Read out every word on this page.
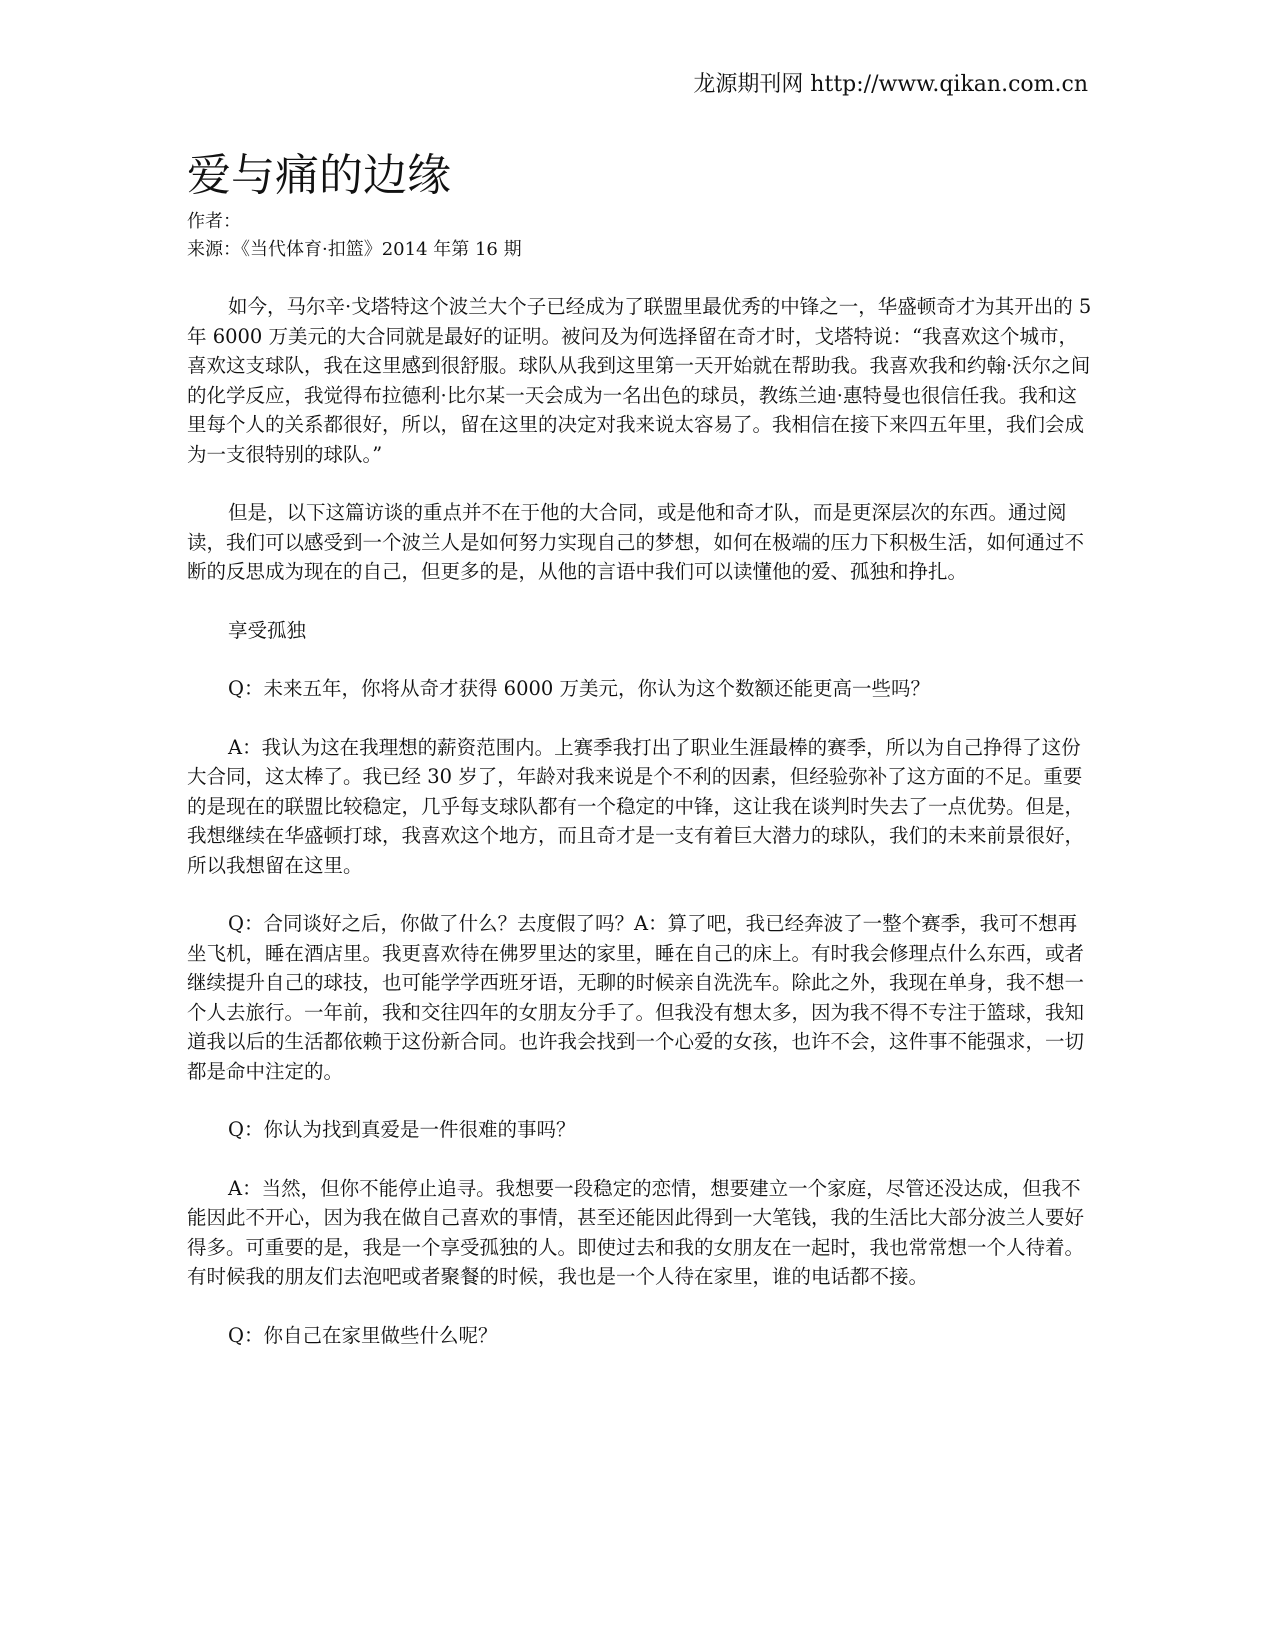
龙源期刊网 http://www.qikan.com.cn
爱与痛的边缘

作者：

来源：《当代体育·扣篮》2014 年第 16 期

如今，马尔辛·戈塔特这个波兰大个子已经成为了联盟里最优秀的中锋之一，华盛顿奇才为其开出的 5 年 6000 万美元的大合同就是最好的证明。被问及为何选择留在奇才时，戈塔特说：“我喜欢这个城市，喜欢这支球队，我在这里感到很舒服。球队从我到这里第一天开始就在帮助我。我喜欢我和约翰·沃尔之间的化学反应，我觉得布拉德利·比尔某一天会成为一名出色的球员，教练兰迪·惠特曼也很信任我。我和这里每个人的关系都很好，所以，留在这里的决定对我来说太容易了。我相信在接下来四五年里，我们会成为一支很特别的球队。”

但是，以下这篇访谈的重点并不在于他的大合同，或是他和奇才队，而是更深层次的东西。通过阅读，我们可以感受到一个波兰人是如何努力实现自己的梦想，如何在极端的压力下积极生活，如何通过不断的反思成为现在的自己，但更多的是，从他的言语中我们可以读懂他的爱、孤独和挣扎。

享受孤独

Q：未来五年，你将从奇才获得 6000 万美元，你认为这个数额还能更高一些吗？

A：我认为这在我理想的薪资范围内。上赛季我打出了职业生涯最棒的赛季，所以为自己挣得了这份大合同，这太棒了。我已经 30 岁了，年龄对我来说是个不利的因素，但经验弥补了这方面的不足。重要的是现在的联盟比较稳定，几乎每支球队都有一个稳定的中锋，这让我在谈判时失去了一点优势。但是，我想继续在华盛顿打球，我喜欢这个地方，而且奇才是一支有着巨大潜力的球队，我们的未来前景很好，所以我想留在这里。

Q：合同谈好之后，你做了什么？去度假了吗？A：算了吧，我已经奔波了一整个赛季，我可不想再坐飞机，睡在酒店里。我更喜欢待在佛罗里达的家里，睡在自己的床上。有时我会修理点什么东西，或者继续提升自己的球技，也可能学学西班牙语，无聊的时候亲自洗洗车。除此之外，我现在单身，我不想一个人去旅行。一年前，我和交往四年的女朋友分手了。但我没有想太多，因为我不得不专注于篮球，我知道我以后的生活都依赖于这份新合同。也许我会找到一个心爱的女孩，也许不会，这件事不能强求，一切都是命中注定的。

Q：你认为找到真爱是一件很难的事吗？

A：当然，但你不能停止追寻。我想要一段稳定的恋情，想要建立一个家庭，尽管还没达成，但我不能因此不开心，因为我在做自己喜欢的事情，甚至还能因此得到一大笔钱，我的生活比大部分波兰人要好得多。可重要的是，我是一个享受孤独的人。即使过去和我的女朋友在一起时，我也常常想一个人待着。有时候我的朋友们去泡吧或者聚餐的时候，我也是一个人待在家里，谁的电话都不接。

Q：你自己在家里做些什么呢？
